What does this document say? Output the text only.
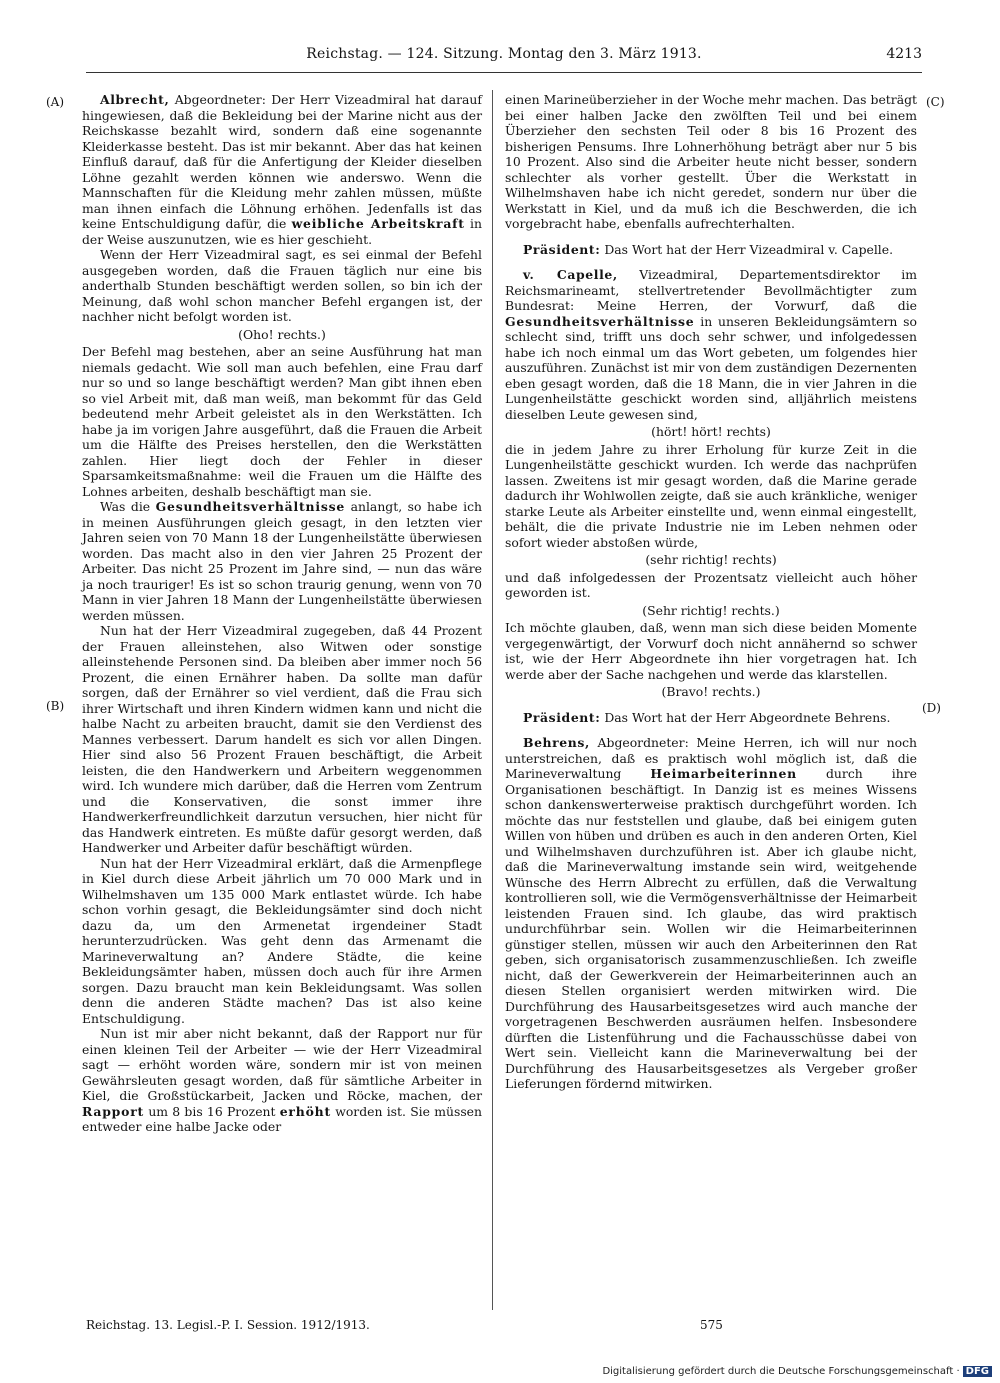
Reichstag. — 124. Sitzung. Montag den 3. März 1913.	4213
(A)
(B)
(C)
(D)

Albrecht, Abgeordneter: Der Herr Vizeadmiral hat darauf hingewiesen, daß die Bekleidung bei der Marine nicht aus der Reichskasse bezahlt wird, sondern daß eine sogenannte Kleiderkasse besteht. Das ist mir bekannt. Aber das hat keinen Einfluß darauf, daß für die Anfertigung der Kleider dieselben Löhne gezahlt werden können wie anderswo. Wenn die Mannschaften für die Kleidung mehr zahlen müssen, müßte man ihnen einfach die Löhnung erhöhen. Jedenfalls ist das keine Entschuldigung dafür, die weibliche Arbeitskraft in der Weise auszunutzen, wie es hier geschieht.

Wenn der Herr Vizeadmiral sagt, es sei einmal der Befehl ausgegeben worden, daß die Frauen täglich nur eine bis anderthalb Stunden beschäftigt werden sollen, so bin ich der Meinung, daß wohl schon mancher Befehl ergangen ist, der nachher nicht befolgt worden ist.

(Oho! rechts.)

Der Befehl mag bestehen, aber an seine Ausführung hat man niemals gedacht. Wie soll man auch befehlen, eine Frau darf nur so und so lange beschäftigt werden? Man gibt ihnen eben so viel Arbeit mit, daß man weiß, man bekommt für das Geld bedeutend mehr Arbeit geleistet als in den Werkstätten. Ich habe ja im vorigen Jahre ausgeführt, daß die Frauen die Arbeit um die Hälfte des Preises herstellen, den die Werkstätten zahlen. Hier liegt doch der Fehler in dieser Sparsamkeitsmaßnahme: weil die Frauen um die Hälfte des Lohnes arbeiten, deshalb beschäftigt man sie.

Was die Gesundheitsverhältnisse anlangt, so habe ich in meinen Ausführungen gleich gesagt, in den letzten vier Jahren seien von 70 Mann 18 der Lungenheilstätte überwiesen worden. Das macht also in den vier Jahren 25 Prozent der Arbeiter. Das nicht 25 Prozent im Jahre sind, — nun das wäre ja noch trauriger! Es ist so schon traurig genung, wenn von 70 Mann in vier Jahren 18 Mann der Lungenheilstätte überwiesen werden müssen.

Nun hat der Herr Vizeadmiral zugegeben, daß 44 Prozent der Frauen alleinstehen, also Witwen oder sonstige alleinstehende Personen sind. Da bleiben aber immer noch 56 Prozent, die einen Ernährer haben. Da sollte man dafür sorgen, daß der Ernährer so viel verdient, daß die Frau sich ihrer Wirtschaft und ihren Kindern widmen kann und nicht die halbe Nacht zu arbeiten braucht, damit sie den Verdienst des Mannes verbessert. Darum handelt es sich vor allen Dingen. Hier sind also 56 Prozent Frauen beschäftigt, die Arbeit leisten, die den Handwerkern und Arbeitern weggenommen wird. Ich wundere mich darüber, daß die Herren vom Zentrum und die Konservativen, die sonst immer ihre Handwerkerfreundlichkeit darzutun versuchen, hier nicht für das Handwerk eintreten. Es müßte dafür gesorgt werden, daß Handwerker und Arbeiter dafür beschäftigt würden.

Nun hat der Herr Vizeadmiral erklärt, daß die Armenpflege in Kiel durch diese Arbeit jährlich um 70 000 Mark und in Wilhelmshaven um 135 000 Mark entlastet würde. Ich habe schon vorhin gesagt, die Bekleidungsämter sind doch nicht dazu da, um den Armenetat irgendeiner Stadt herunterzudrücken. Was geht denn das Armenamt die Marineverwaltung an? Andere Städte, die keine Bekleidungsämter haben, müssen doch auch für ihre Armen sorgen. Dazu braucht man kein Bekleidungsamt. Was sollen denn die anderen Städte machen? Das ist also keine Entschuldigung.

Nun ist mir aber nicht bekannt, daß der Rapport nur für einen kleinen Teil der Arbeiter — wie der Herr Vizeadmiral sagt — erhöht worden wäre, sondern mir ist von meinen Gewährsleuten gesagt worden, daß für sämtliche Arbeiter in Kiel, die Großstückarbeit, Jacken und Röcke, machen, der Rapport um 8 bis 16 Prozent erhöht worden ist. Sie müssen entweder eine halbe Jacke oder

einen Marineüberzieher in der Woche mehr machen. Das beträgt bei einer halben Jacke den zwölften Teil und bei einem Überzieher den sechsten Teil oder 8 bis 16 Prozent des bisherigen Pensums. Ihre Lohnerhöhung beträgt aber nur 5 bis 10 Prozent. Also sind die Arbeiter heute nicht besser, sondern schlechter als vorher gestellt. Über die Werkstatt in Wilhelmshaven habe ich nicht geredet, sondern nur über die Werkstatt in Kiel, und da muß ich die Beschwerden, die ich vorgebracht habe, ebenfalls aufrechterhalten.

Präsident: Das Wort hat der Herr Vizeadmiral v. Capelle.

v. Capelle, Vizeadmiral, Departementsdirektor im Reichsmarineamt, stellvertretender Bevollmächtigter zum Bundesrat: Meine Herren, der Vorwurf, daß die Gesundheitsverhältnisse in unseren Bekleidungsämtern so schlecht sind, trifft uns doch sehr schwer, und infolgedessen habe ich noch einmal um das Wort gebeten, um folgendes hier auszuführen. Zunächst ist mir von dem zuständigen Dezernenten eben gesagt worden, daß die 18 Mann, die in vier Jahren in die Lungenheilstätte geschickt worden sind, alljährlich meistens dieselben Leute gewesen sind,

(hört! hört! rechts)

die in jedem Jahre zu ihrer Erholung für kurze Zeit in die Lungenheilstätte geschickt wurden. Ich werde das nachprüfen lassen. Zweitens ist mir gesagt worden, daß die Marine gerade dadurch ihr Wohlwollen zeigte, daß sie auch kränkliche, weniger starke Leute als Arbeiter einstellte und, wenn einmal eingestellt, behält, die die private Industrie nie im Leben nehmen oder sofort wieder abstoßen würde,

(sehr richtig! rechts)

und daß infolgedessen der Prozentsatz vielleicht auch höher geworden ist.

(Sehr richtig! rechts.)

Ich möchte glauben, daß, wenn man sich diese beiden Momente vergegenwärtigt, der Vorwurf doch nicht annähernd so schwer ist, wie der Herr Abgeordnete ihn hier vorgetragen hat. Ich werde aber der Sache nachgehen und werde das klarstellen.

(Bravo! rechts.)

Präsident: Das Wort hat der Herr Abgeordnete Behrens.

Behrens, Abgeordneter: Meine Herren, ich will nur noch unterstreichen, daß es praktisch wohl möglich ist, daß die Marineverwaltung Heimarbeiterinnen durch ihre Organisationen beschäftigt. In Danzig ist es meines Wissens schon dankenswerterweise praktisch durchgeführt worden. Ich möchte das nur feststellen und glaube, daß bei einigem guten Willen von hüben und drüben es auch in den anderen Orten, Kiel und Wilhelmshaven durchzuführen ist. Aber ich glaube nicht, daß die Marineverwaltung imstande sein wird, weitgehende Wünsche des Herrn Albrecht zu erfüllen, daß die Verwaltung kontrollieren soll, wie die Vermögensverhältnisse der Heimarbeit leistenden Frauen sind. Ich glaube, das wird praktisch undurchführbar sein. Wollen wir die Heimarbeiterinnen günstiger stellen, müssen wir auch den Arbeiterinnen den Rat geben, sich organisatorisch zusammenzuschließen. Ich zweifle nicht, daß der Gewerkverein der Heimarbeiterinnen auch an diesen Stellen organisiert werden mitwirken wird. Die Durchführung des Hausarbeitsgesetzes wird auch manche der vorgetragenen Beschwerden ausräumen helfen. Insbesondere dürften die Listenführung und die Fachausschüsse dabei von Wert sein. Vielleicht kann die Marineverwaltung bei der Durchführung des Hausarbeitsgesetzes als Vergeber großer Lieferungen fördernd mitwirken.

Reichstag. 13. Legisl.-P. I. Session. 1912/1913.	575
Digitalisierung gefördert durch die Deutsche Forschungsgemeinschaft · DFG
